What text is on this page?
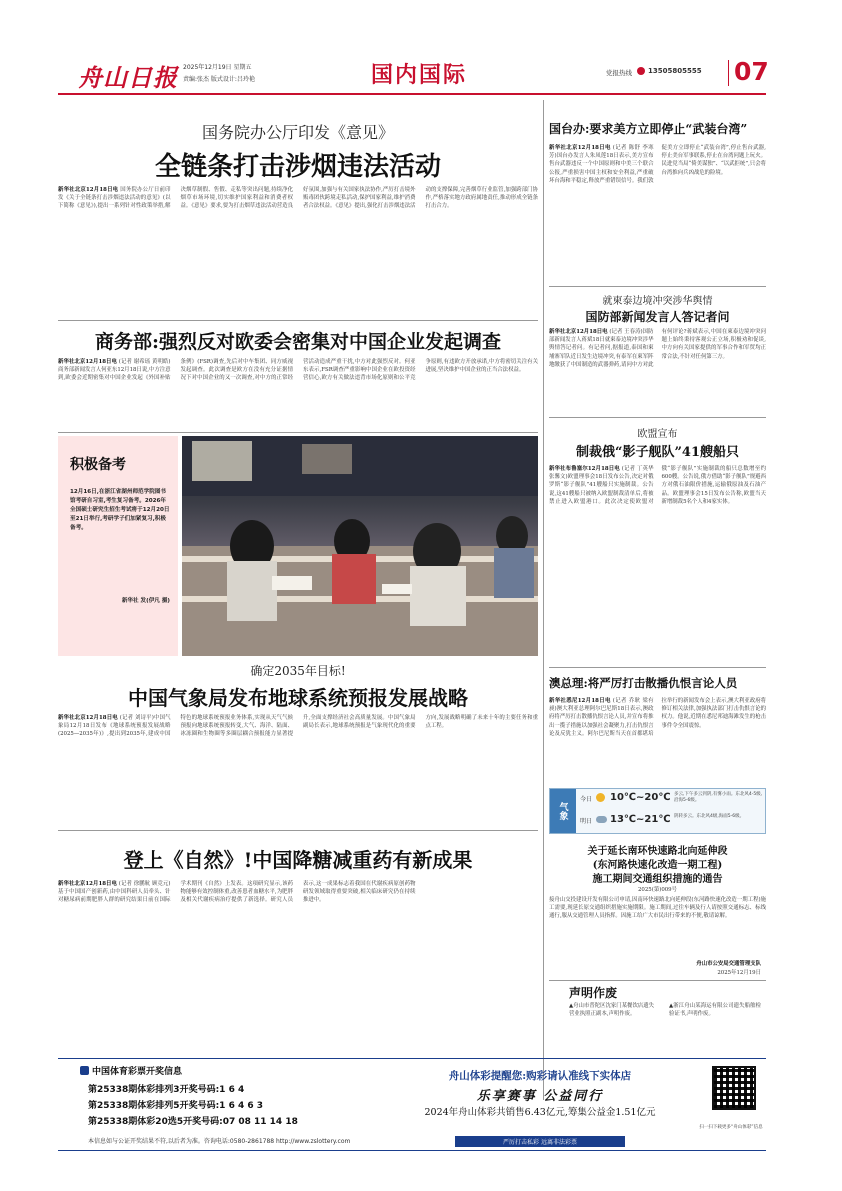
舟山日报 2025年12月19日 星期五
责编:张杰 版式设计:吕玲艳	国内国际	党报热线 13505805555 07
国务院办公厅印发《意见》
全链条打击涉烟违法活动
新华社北京12月18日电 国务院办公厅日前印发《关于全链条打击涉烟违法活动的意见》(以下简称《意见》),提出一系列针对性政策举措,解决烟草制假、售假、走私等突出问题,持续净化烟草市场环境,切实维护国家利益和消费者权益。《意见》要求,要为打击烟草违法活动营造良好氛围,加强与有关国家执法协作,严厉打击境外贩毒团伙跨境走私活动,保护国家利益,维护消费者合法权益。《意见》提出,强化打击涉烟违法活动的支撑保障,完善烟草行业监管,加强跨部门协作,严格落实地方政府属地责任,推动形成全链条打击合力。
商务部:强烈反对欧委会密集对中国企业发起调查
新华社北京12月18日电 (记者 谢希瑶 黄明皓)商务部新闻发言人何亚东12月18日说,中方注意到,欧委会近期密集对中国企业发起《外国补贴条例》(FSR)调查,先后对中车集团、同方威视发起调查。此次调查是欧方在没有充分证据情况下对中国企业的又一次调查,对中方的正常经营活动造成严重干扰,中方对此强烈反对。何亚东表示,FSR调查严重影响中国企业在欧投资经营信心,欧方有关做法违背市场化原则和公平竞争原则,有违欧方开放承诺,中方将密切关注有关进展,坚决维护中国企业的正当合法权益。
国台办:要求美方立即停止“武装台湾”
新华社北京12月18日电 (记者 陈舒 李寒芳)国台办发言人朱凤莲18日表示,美方宣布售台武器违反一个中国原则和中美三个联合公报,严重损害中国主权和安全利益,严重破坏台海和平稳定,释放严重错误信号。我们敦促美方立即停止“武装台湾”,停止售台武器,停止美台军事联系,停止在台湾问题上玩火。民进党当局“倚美谋独”、“以武拒统”,只会将台湾推向兵凶战危的险境。
就柬泰边境冲突涉华舆情
国防部新闻发言人答记者问
新华社北京12月18日电 (记者 王春涛)国防部新闻发言人蒋斌18日就柬泰边境冲突涉华舆情答记者问。有记者问,据报道,泰国和柬埔寨军队近日发生边境冲突,有泰军在柬军阵地缴获了中国制造的武器弹药,请问中方对此有何评论?蒋斌表示,中国在柬泰边境冲突问题上始终秉持客观公正立场,积极劝和促谈,中方向有关国家提供的军事合作和军贸均正常合法,不针对任何第三方。
积极备考
12月16日,在浙江省湖州师范学院图书馆考研自习室,考生复习备考。2026年全国硕士研究生招生考试将于12月20日至21日举行,考研学子们加紧复习,积极备考。
新华社 发(伊凡 摄)
欧盟宣布
制裁俄“影子舰队”41艘船只
新华社布鲁塞尔12月18日电 (记者 丁英华 张馨文)欧盟理事会18日发布公告,决定对俄罗斯“影子舰队”41艘船只实施制裁。公告说,这41艘船只被纳入欧盟制裁清单后,将被禁止进入欧盟港口。此次决定使欧盟对俄“影子舰队”实施制裁的船只总数增至约600艘。公告说,俄方借助“影子舰队”规避西方对俄石油限价措施,运输俄原油及石油产品。欧盟理事会15日发布公告称,欧盟当天新增制裁5名个人和4家实体。
确定2035年目标!
中国气象局发布地球系统预报发展战略
新华社北京12月18日电 (记者 刘诗平)中国气象局12月18日发布《地球系统预报发展战略(2025—2035年)》,提出到2035年,建成中国特色的地球系统预报业务体系,实现从天气气候预报向地球系统预报转变,大气、海洋、陆面、冰冻圈和生物圈等多圈层耦合预报能力显著提升,全面支撑经济社会高质量发展。中国气象局副局长表示,地球系统预报是气象现代化的重要方向,发展战略明确了未来十年的主要任务和重点工程。
澳总理:将严厉打击散播仇恨言论人员
新华社悉尼12月18日电 (记者 乔耿 梁有昶)澳大利亚总理阿尔巴尼斯18日表示,澳政府将严厉打击散播仇恨言论人员,并宣布将推出一揽子措施以加强社会凝聚力,打击仇恨言论及反犹主义。阿尔巴尼斯当天在首都堪培拉举行的新闻发布会上表示,澳大利亚政府将修订相关法律,加强执法部门打击仇恨言论的权力。他说,近期在悉尼邦迪海滩发生的枪击事件令全国震惊。
气象
今日 10℃~20℃ 多云,下午多云到阴,有雾小雨。东北风4-5级,沿海5-6级。
明日 13℃~21℃ 阴转多云。东北风4级,海面5-6级。
登上《自然》!中国降糖减重药有新成果
新华社北京12月18日电 (记者 徐鹏航 顾竞元)基于中国国产创新药,由中国科研人员牵头、针对糖尿病前期肥胖人群的研究结果日前在国际学术期刊《自然》上发表。这项研究显示,该药物能够有效控制体重,改善患者血糖水平,为肥胖及相关代谢疾病治疗提供了新选择。研究人员表示,这一成果标志着我国在代谢疾病原创药物研发领域取得重要突破,相关临床研究仍在持续推进中。
关于延长南环快速路北向延伸段
(东河路快速化改造一期工程)
施工期间交通组织措施的通告
2025(第)009号
接舟山交投建设开发有限公司申请,因南环快速路北向延伸段(东河路快速化改造一期工程)施工需要,现延长原交通组织措施实施期限。施工期间,过往车辆及行人请按照交通标志、标线通行,服从交通管理人员指挥。因施工给广大市民出行带来的不便,敬请谅解。
舟山市公安局交通管理支队
2025年12月19日
声明作废
▲舟山市普陀区沈家门某餐饮店遗失营业执照正副本,声明作废。
▲浙江舟山某海运有限公司遗失船舶检验证书,声明作废。
中国体育彩票开奖信息
第25338期体彩排列3开奖号码:1 6 4
第25338期体彩排列5开奖号码:1 6 4 6 3
第25338期体彩20选5开奖号码:07 08 11 14 18
本信息如与公证开奖结果不符,以后者为准。咨询电话:0580-2861788 http://www.zslottery.com
舟山体彩提醒您:购彩请认准线下实体店
乐享赛事 公益同行
2024年舟山体彩共销售6.43亿元,筹集公益金1.51亿元
严厉打击私彩 远离非法彩票
扫一扫下载更多“舟山体彩”信息
